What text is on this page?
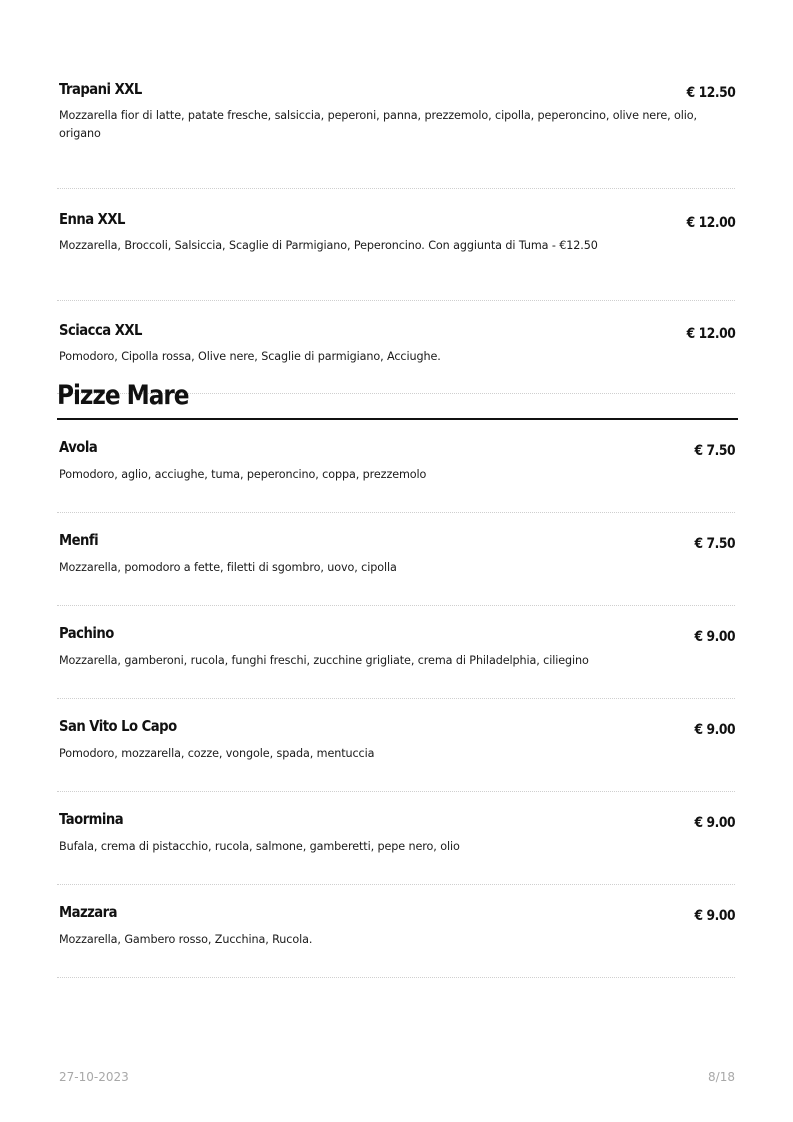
Trapani XXL	€ 12.50
Mozzarella fior di latte, patate fresche, salsiccia, peperoni, panna, prezzemolo, cipolla, peperoncino, olive nere, olio, origano
Enna XXL	€ 12.00
Mozzarella, Broccoli, Salsiccia, Scaglie di Parmigiano, Peperoncino. Con aggiunta di Tuma - €12.50
Sciacca XXL	€ 12.00
Pomodoro, Cipolla rossa, Olive nere, Scaglie di parmigiano, Acciughe.
Pizze Mare
Avola	€ 7.50
Pomodoro, aglio, acciughe, tuma, peperoncino, coppa, prezzemolo
Menfi	€ 7.50
Mozzarella, pomodoro a fette, filetti di sgombro, uovo, cipolla
Pachino	€ 9.00
Mozzarella, gamberoni, rucola, funghi freschi, zucchine grigliate, crema di Philadelphia, ciliegino
San Vito Lo Capo	€ 9.00
Pomodoro, mozzarella, cozze, vongole, spada, mentuccia
Taormina	€ 9.00
Bufala, crema di pistacchio, rucola, salmone, gamberetti, pepe nero, olio
Mazzara	€ 9.00
Mozzarella, Gambero rosso, Zucchina, Rucola.
27-10-2023	8/18
